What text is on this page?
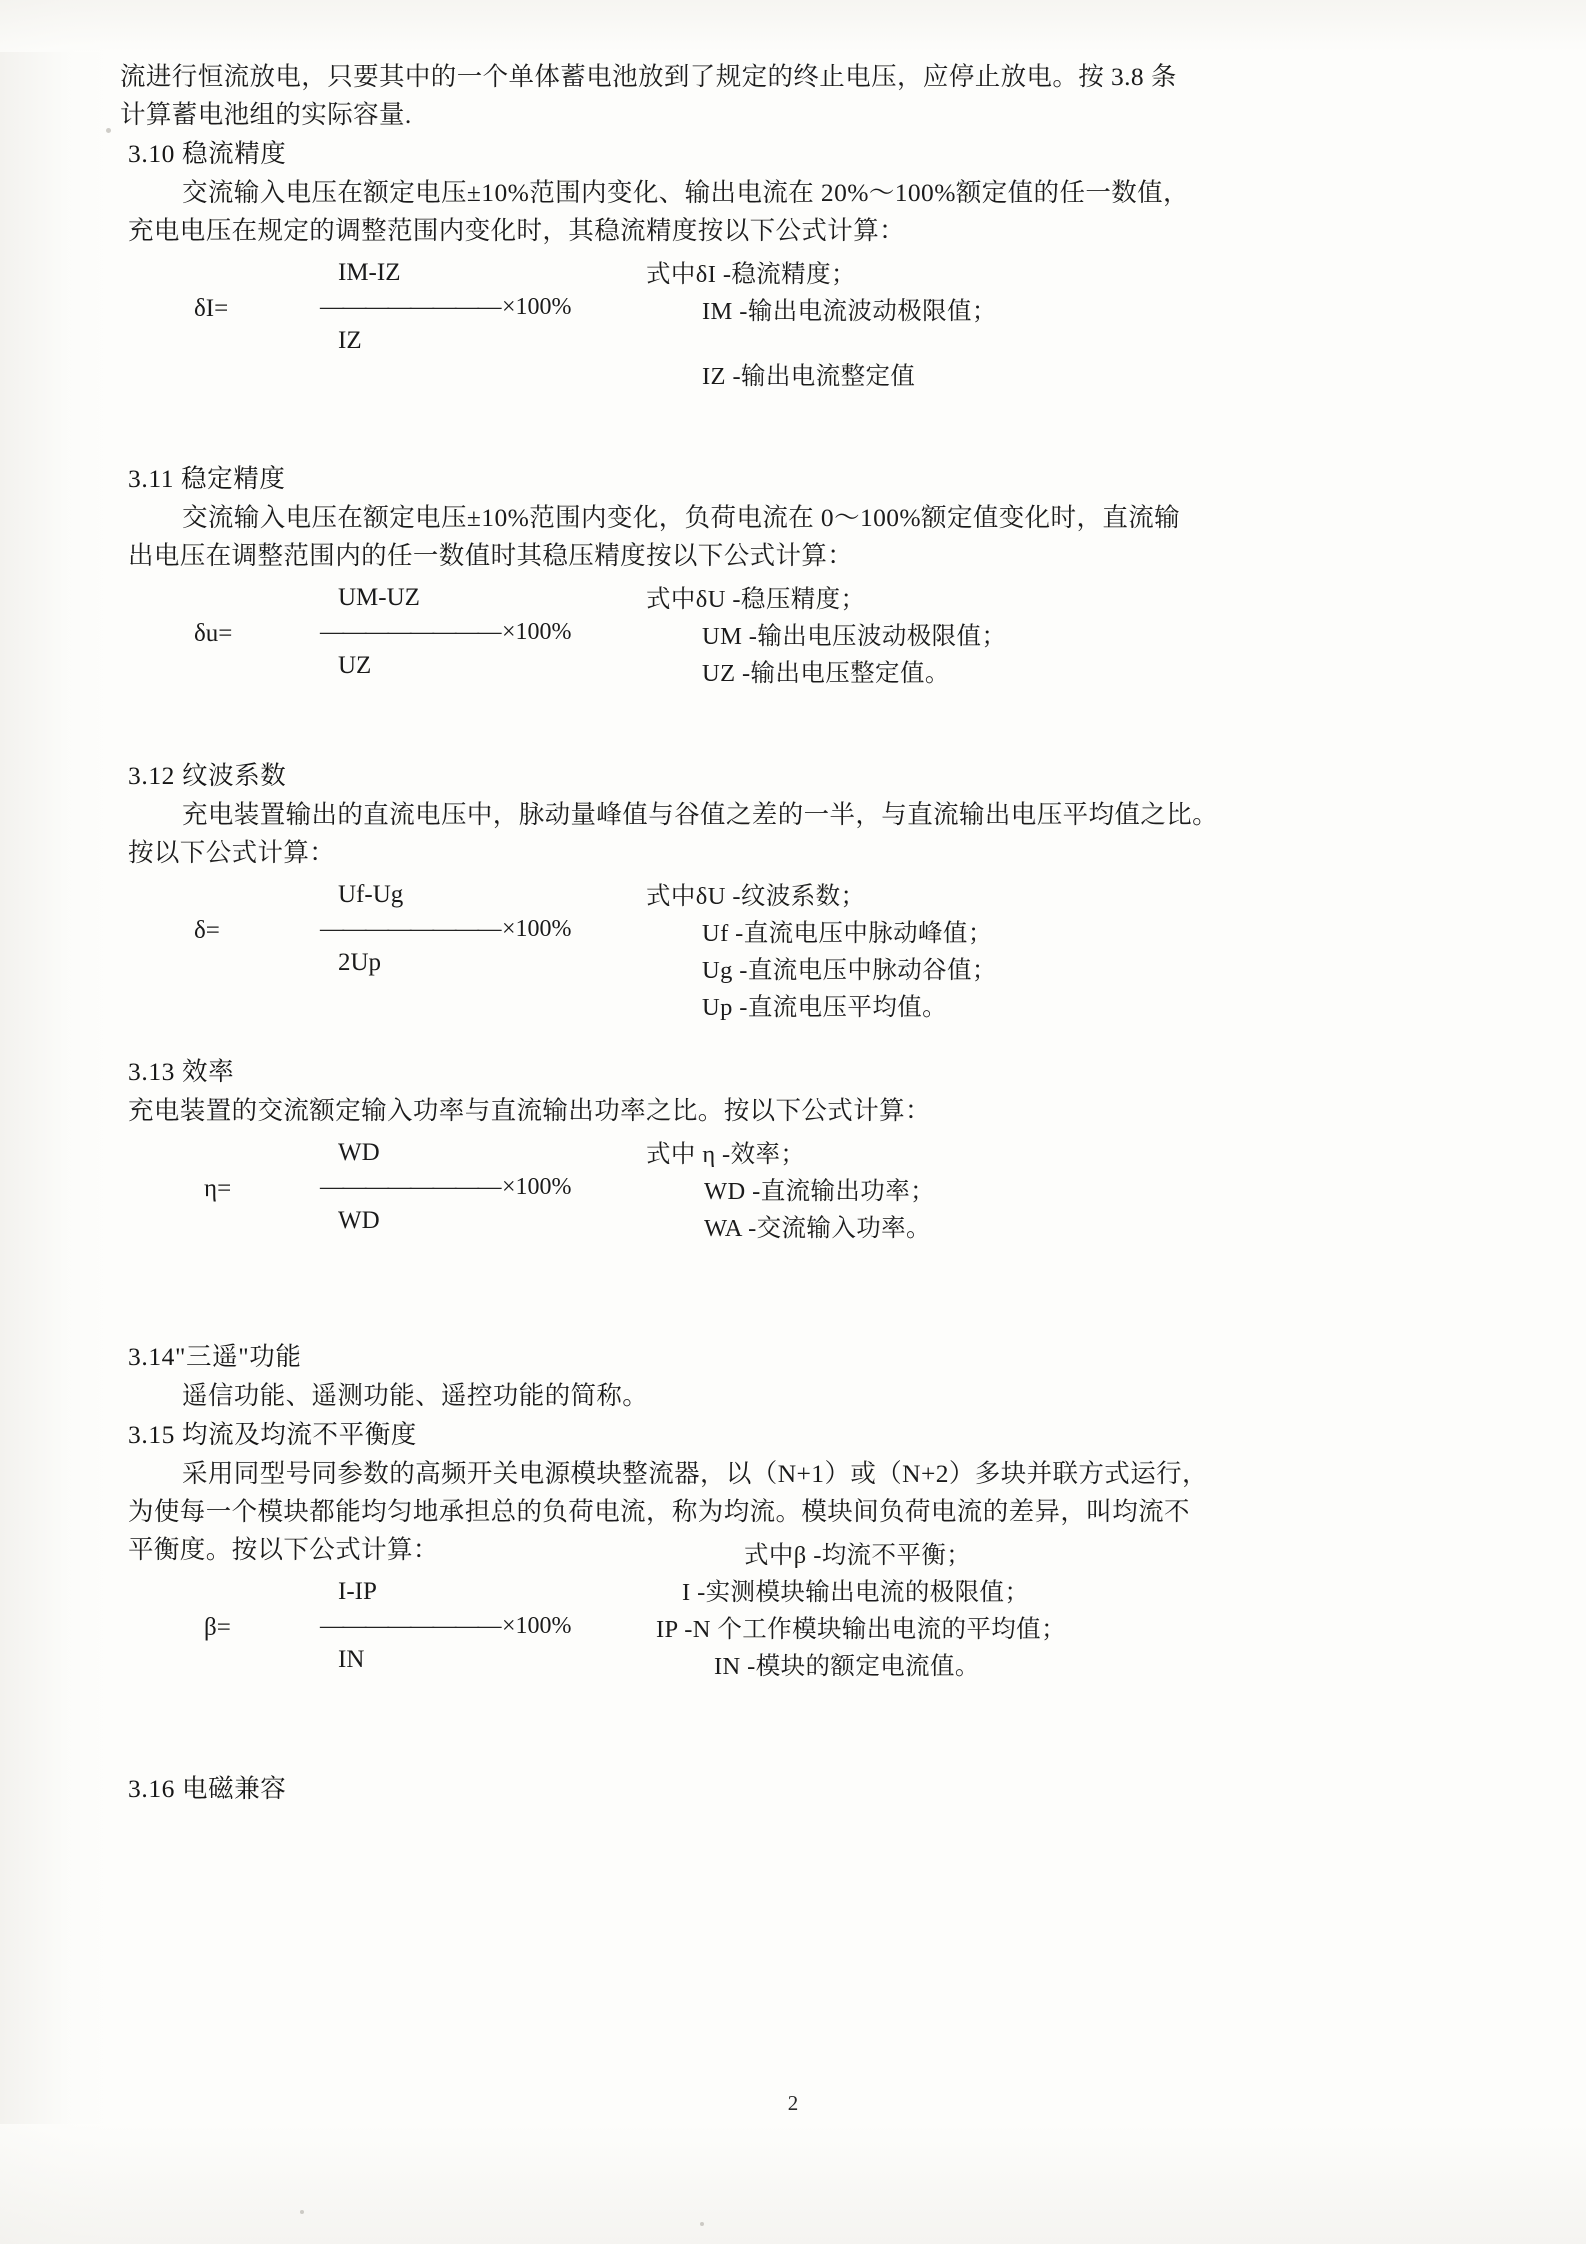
流进行恒流放电，只要其中的一个单体蓄电池放到了规定的终止电压，应停止放电。按 3.8 条
计算蓄电池组的实际容量.
3.10 稳流精度
交流输入电压在额定电压±10%范围内变化、输出电流在 20%～100%额定值的任一数值，
充电电压在规定的调整范围内变化时，其稳流精度按以下公式计算：
δI=
IM-IZ
———————— ×100%
IZ
式中δI -稳流精度；
IM -输出电流波动极限值；
IZ -输出电流整定值
3.11 稳定精度
交流输入电压在额定电压±10%范围内变化，负荷电流在 0～100%额定值变化时，直流输
出电压在调整范围内的任一数值时其稳压精度按以下公式计算：
δu=
UM-UZ
———————— ×100%
UZ
式中δU -稳压精度；
UM -输出电压波动极限值；
UZ -输出电压整定值。
3.12 纹波系数
充电装置输出的直流电压中，脉动量峰值与谷值之差的一半，与直流输出电压平均值之比。
按以下公式计算：
δ=
Uf-Ug
———————— ×100%
2Up
式中δU -纹波系数；
Uf -直流电压中脉动峰值；
Ug -直流电压中脉动谷值；
Up -直流电压平均值。
3.13 效率
充电装置的交流额定输入功率与直流输出功率之比。按以下公式计算：
η=
WD
———————— ×100%
WD
式中 η -效率；
WD -直流输出功率；
WA -交流输入功率。
3.14"三遥"功能
遥信功能、遥测功能、遥控功能的简称。
3.15 均流及均流不平衡度
采用同型号同参数的高频开关电源模块整流器，以（N+1）或（N+2）多块并联方式运行，
为使每一个模块都能均匀地承担总的负荷电流，称为均流。模块间负荷电流的差异，叫均流不
平衡度。按以下公式计算：
β=
I-IP
———————— ×100%
IN
式中β -均流不平衡；
I -实测模块输出电流的极限值；
IP -N 个工作模块输出电流的平均值；
IN -模块的额定电流值。
3.16 电磁兼容
2
